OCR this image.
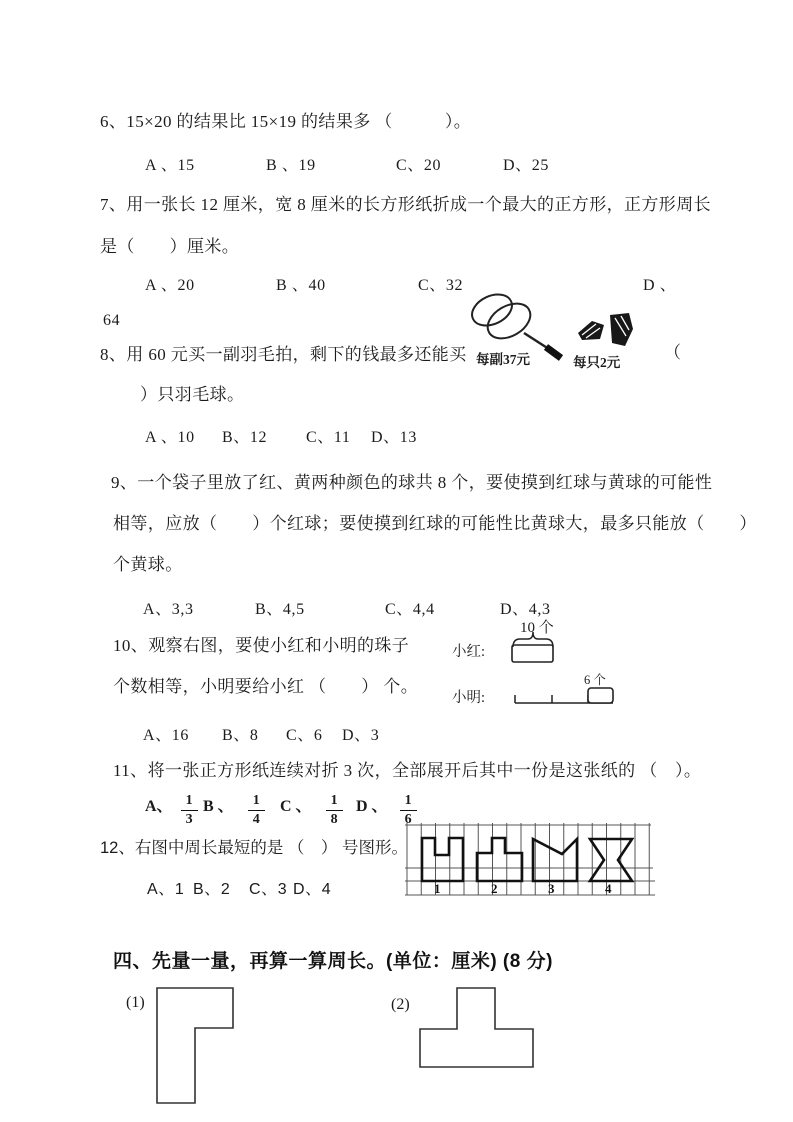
6、15×20 的结果比 15×19 的结果多 （　　　）。
A 、15	B 、19	C、20	D、25
7、用一张长 12 厘米，宽 8 厘米的长方形纸折成一个最大的正方形，正方形周长
是（　　）厘米。
A 、20	B 、40	C、32	D 、
64
每副37元	每只2元
（
8、用 60 元买一副羽毛拍，剩下的钱最多还能买
）只羽毛球。
A 、10 B、12 C、11 D、13
9、一个袋子里放了红、黄两种颜色的球共 8 个，要使摸到红球与黄球的可能性
相等，应放（　　）个红球；要使摸到红球的可能性比黄球大，最多只能放（　　）
个黄球。
A、3,3	B、4,5	C、4,4	D、4,3
10 个
10、观察右图，要使小红和小明的珠子	小红:
个数相等，小明要给小红 （　　） 个。
小明:
6 个
A、16 B、8 C、6 D、3
11、将一张正方形纸连续对折 3 次，全部展开后其中一份是这张纸的 （　）。
A、 $\frac{1}{3}$ B 、 $\frac{1}{4}$ C 、 $\frac{1}{8}$ D 、 $\frac{1}{6}$
12、右图中周长最短的是 （　） 号图形。
1	2	3	4
A、1 B、2 C、3 D、4
四、先量一量，再算一算周长。(单位：厘米) (8 分)
(1)	(2)
